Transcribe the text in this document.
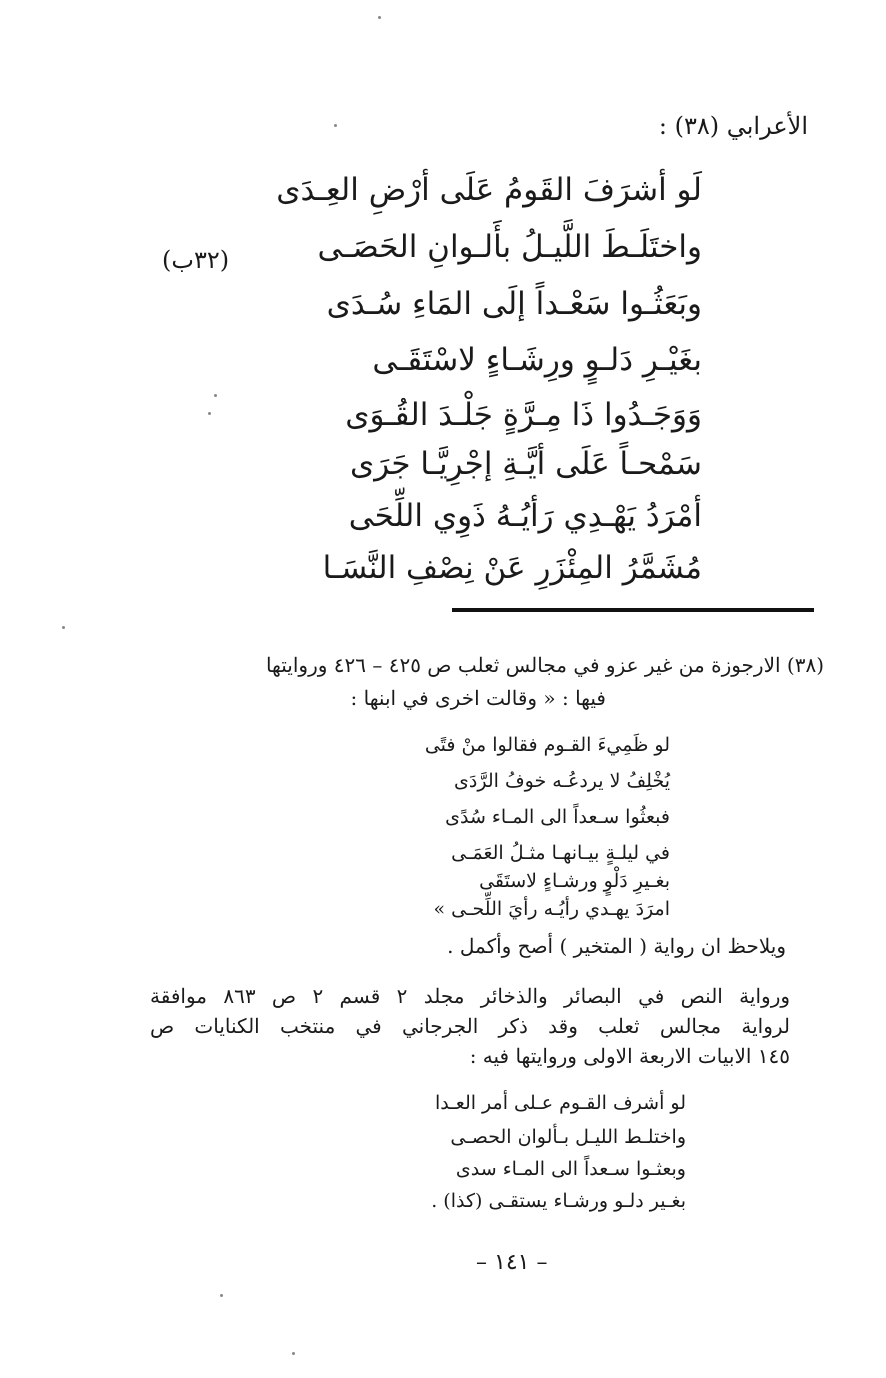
الأعرابي (٣٨) :
لَو أشرَفَ القَومُ عَلَى أرْضِ العِـدَى
واختَلَـطَ اللَّيـلُ بأَلـوانِ الحَصَـى
وبَعَثُـوا سَعْـداً إلَى المَاءِ سُـدَى
بغَيْـرِ دَلـوٍ ورِشَـاءٍ لاسْتَقَـى
وَوَجَـدُوا ذَا مِـرَّةٍ جَلْـدَ القُـوَى
سَمْحـاً عَلَى أيَّـةِ إجْرِيَّـا جَرَى
أمْرَدُ يَهْـدِي رَأيُـهُ ذَوِي اللِّحَى
مُشَمَّرُ المِئْزَرِ عَنْ نِصْفِ النَّسَـا
(٣٢ب)
(٣٨) الارجوزة من غير عزو في مجالس ثعلب ص ٤٢٥ – ٤٢٦ وروايتها
فيها : « وقالت اخرى في ابنها :
لو ظَمِيءَ القـوم فقالوا منْ فتًى
يُخْلِفُ لا يردعُـه خوفُ الرَّدَى
فبعثُوا سـعداً الى المـاء سُدًى
في ليلـةٍ بيـانهـا مثـلُ العَمَـى
بغـيرِ دَلْوٍ ورشـاءٍ لاستَقَى
امرَدَ يهـدي رأيُـه رأيَ اللِّحـى »
ويلاحظ ان رواية ( المتخير ) أصح وأكمل .
ورواية النص في البصائر والذخائر مجلد ٢ قسم ٢ ص ٨٦٣ موافقة
لرواية مجالس ثعلب وقد ذكر الجرجاني في منتخب الكنايات ص
١٤٥ الابيات الاربعة الاولى وروايتها فيه :
لو أشرف القـوم عـلى أمر العـدا
واختلـط الليـل بـألوان الحصـى
وبعثـوا سـعداً الى المـاء سدى
بغـير دلـو ورشـاء يستقـى (كذا) .
– ١٤١ –
